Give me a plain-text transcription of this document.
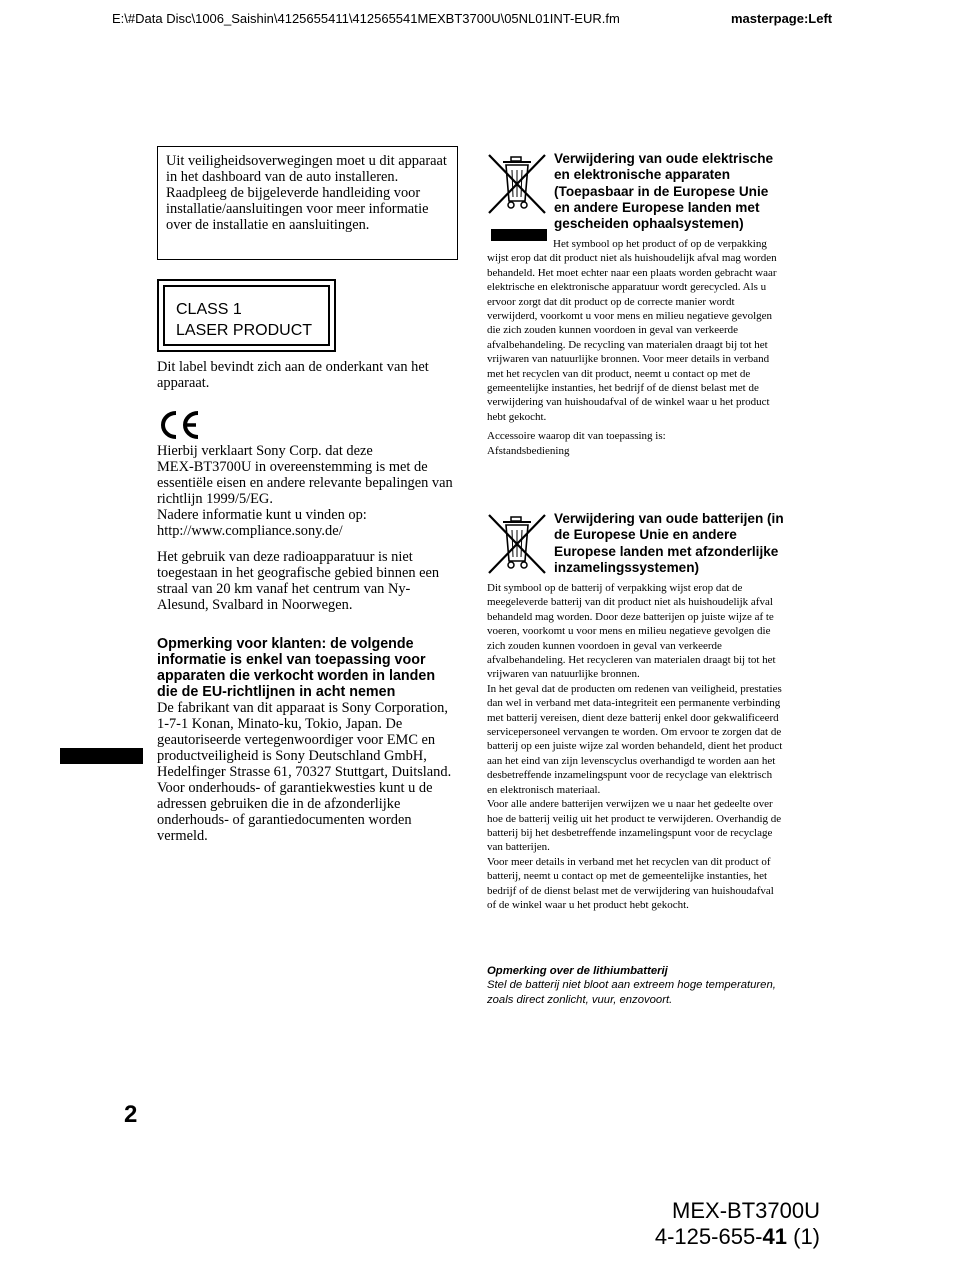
E:\#Data Disc\1006_Saishin\4125655411\412565541MEXBT3700U\05NL01INT-EUR.fm	masterpage:Left
Uit veiligheidsoverwegingen moet u dit apparaat in het dashboard van de auto installeren. Raadpleeg de bijgeleverde handleiding voor installatie/aansluitingen voor meer informatie over de installatie en aansluitingen.
CLASS 1
LASER PRODUCT
Dit label bevindt zich aan de onderkant van het apparaat.
Hierbij verklaart Sony Corp. dat deze
MEX-BT3700U in overeenstemming is met de essentiële eisen en andere relevante bepalingen van richtlijn 1999/5/EG.
Nadere informatie kunt u vinden op:
http://www.compliance.sony.de/
Het gebruik van deze radioapparatuur is niet toegestaan in het geografische gebied binnen een straal van 20 km vanaf het centrum van Ny-Alesund, Svalbard in Noorwegen.
Opmerking voor klanten: de volgende informatie is enkel van toepassing voor apparaten die verkocht worden in landen die de EU-richtlijnen in acht nemen
De fabrikant van dit apparaat is Sony Corporation, 1-7-1 Konan, Minato-ku, Tokio, Japan. De geautoriseerde vertegenwoordiger voor EMC en productveiligheid is Sony Deutschland GmbH, Hedelfinger Strasse 61, 70327 Stuttgart, Duitsland. Voor onderhouds- of garantiekwesties kunt u de adressen gebruiken die in de afzonderlijke onderhouds- of garantiedocumenten worden vermeld.
Verwijdering van oude elektrische en elektronische apparaten (Toepasbaar in de Europese Unie en andere Europese landen met gescheiden ophaalsystemen)
Het symbool op het product of op de verpakking wijst erop dat dit product niet als huishoudelijk afval mag worden behandeld. Het moet echter naar een plaats worden gebracht waar elektrische en elektronische apparatuur wordt gerecycled. Als u ervoor zorgt dat dit product op de correcte manier wordt verwijderd, voorkomt u voor mens en milieu negatieve gevolgen die zich zouden kunnen voordoen in geval van verkeerde afvalbehandeling. De recycling van materialen draagt bij tot het vrijwaren van natuurlijke bronnen. Voor meer details in verband met het recyclen van dit product, neemt u contact op met de gemeentelijke instanties, het bedrijf of de dienst belast met de verwijdering van huishoudafval of de winkel waar u het product hebt gekocht.
Accessoire waarop dit van toepassing is:
Afstandsbediening
Verwijdering van oude batterijen (in de Europese Unie en andere Europese landen met afzonderlijke inzamelingssystemen)
Dit symbool op de batterij of verpakking wijst erop dat de meegeleverde batterij van dit product niet als huishoudelijk afval behandeld mag worden. Door deze batterijen op juiste wijze af te voeren, voorkomt u voor mens en milieu negatieve gevolgen die zich zouden kunnen voordoen in geval van verkeerde afvalbehandeling. Het recycleren van materialen draagt bij tot het vrijwaren van natuurlijke bronnen.
In het geval dat de producten om redenen van veiligheid, prestaties dan wel in verband met data-integriteit een permanente verbinding met batterij vereisen, dient deze batterij enkel door gekwalificeerd servicepersoneel vervangen te worden. Om ervoor te zorgen dat de batterij op een juiste wijze zal worden behandeld, dient het product aan het eind van zijn levenscyclus overhandigd te worden aan het desbetreffende inzamelingspunt voor de recyclage van elektrisch en elektronisch materiaal.
Voor alle andere batterijen verwijzen we u naar het gedeelte over hoe de batterij veilig uit het product te verwijderen. Overhandig de batterij bij het desbetreffende inzamelingspunt voor de recyclage van batterijen.
Voor meer details in verband met het recyclen van dit product of batterij, neemt u contact op met de gemeentelijke instanties, het bedrijf of de dienst belast met de verwijdering van huishoudafval of de winkel waar u het product hebt gekocht.
Opmerking over de lithiumbatterij
Stel de batterij niet bloot aan extreem hoge temperaturen, zoals direct zonlicht, vuur, enzovoort.
2
MEX-BT3700U
4-125-655-41 (1)
